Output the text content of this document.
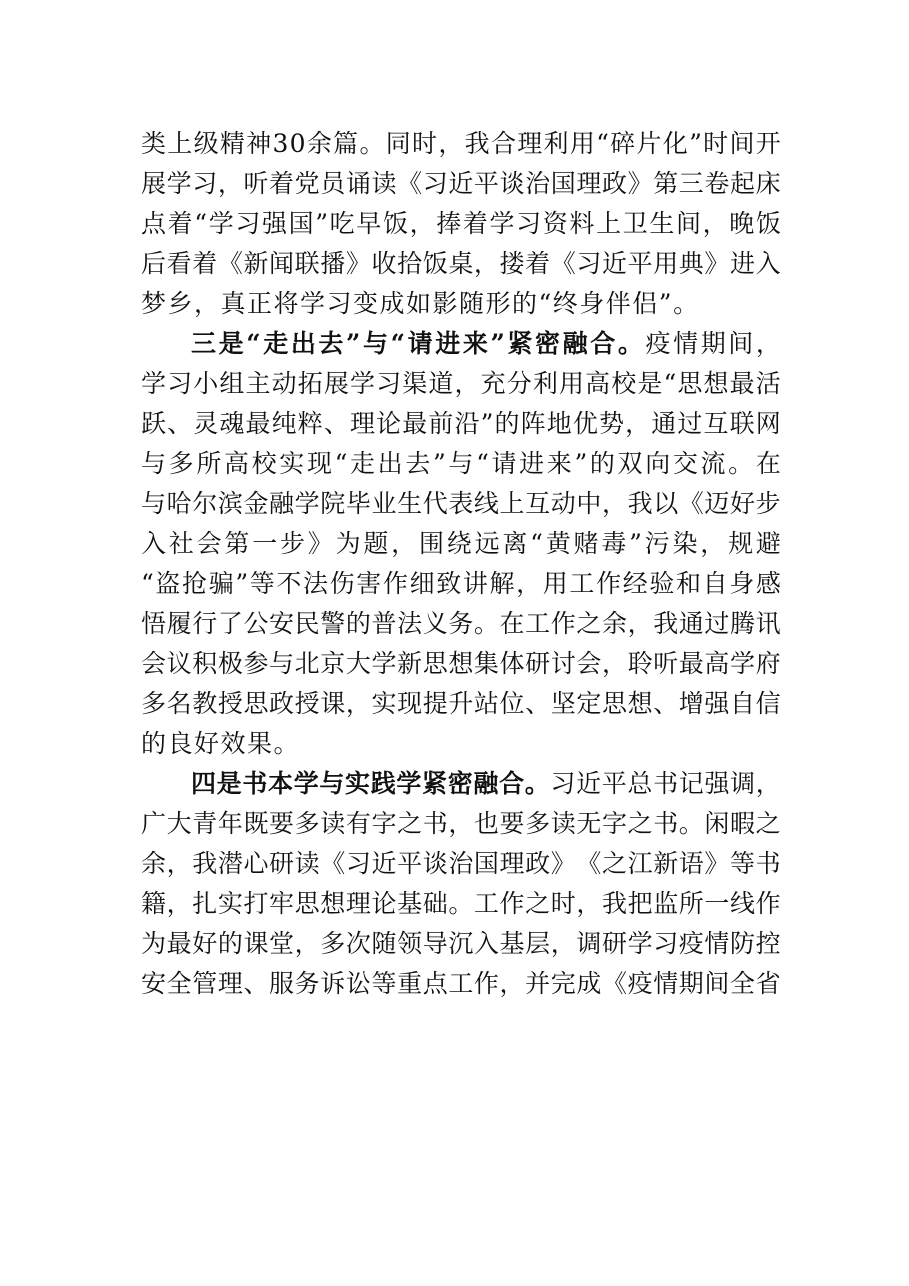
类 上 级 精 神 3 0 余 篇 。 同 时 ， 我 合 理 利 用 “ 碎 片 化 ” 时 间 开
展 学 习 ， 听 着 党 员 诵 读 《 习 近 平 谈 治 国 理 政 》 第 三 卷 起 床
点 着 “ 学 习 强 国 ” 吃 早 饭 ， 捧 着 学 习 资 料 上 卫 生 间 ， 晚 饭
后 看 着 《 新 闻 联 播 》 收 拾 饭 桌 ， 搂 着 《 习 近 平 用 典 》 进 入
梦乡，真正将学习变成如影随形的“终身伴侣”。
三 是 “ 走 出 去 ” 与 “ 请 进 来 ” 紧 密 融 合 。 疫 情 期 间 ，
学 习 小 组 主 动 拓 展 学 习 渠 道 ， 充 分 利 用 高 校 是 “ 思 想 最 活
跃 、 灵 魂 最 纯 粹 、 理 论 最 前 沿 ” 的 阵 地 优 势 ， 通 过 互 联 网
与 多 所 高 校 实 现 “ 走 出 去 ” 与 “ 请 进 来 ” 的 双 向 交 流 。 在
与 哈 尔 滨 金 融 学 院 毕 业 生 代 表 线 上 互 动 中 ， 我 以 《 迈 好 步
入 社 会 第 一 步 》 为 题 ， 围 绕 远 离 “ 黄 赌 毒 ” 污 染 ， 规 避
“ 盗 抢 骗 ” 等 不 法 伤 害 作 细 致 讲 解 ， 用 工 作 经 验 和 自 身 感
悟 履 行 了 公 安 民 警 的 普 法 义 务 。 在 工 作 之 余 ， 我 通 过 腾 讯
会 议 积 极 参 与 北 京 大 学 新 思 想 集 体 研 讨 会 ， 聆 听 最 高 学 府
多 名 教 授 思 政 授 课 ， 实 现 提 升 站 位 、 坚 定 思 想 、 增 强 自 信
的良好效果。
四 是 书 本 学 与 实 践 学 紧 密 融 合 。 习 近 平 总 书 记 强 调 ，
广 大 青 年 既 要 多 读 有 字 之 书 ， 也 要 多 读 无 字 之 书 。 闲 暇 之
余 ， 我 潜 心 研 读 《 习 近 平 谈 治 国 理 政 》 《 之 江 新 语 》 等 书
籍 ， 扎 实 打 牢 思 想 理 论 基 础 。 工 作 之 时 ， 我 把 监 所 一 线 作
为 最 好 的 课 堂 ， 多 次 随 领 导 沉 入 基 层 ， 调 研 学 习 疫 情 防 控
安 全 管 理 、 服 务 诉 讼 等 重 点 工 作 ， 并 完 成 《 疫 情 期 间 全 省
